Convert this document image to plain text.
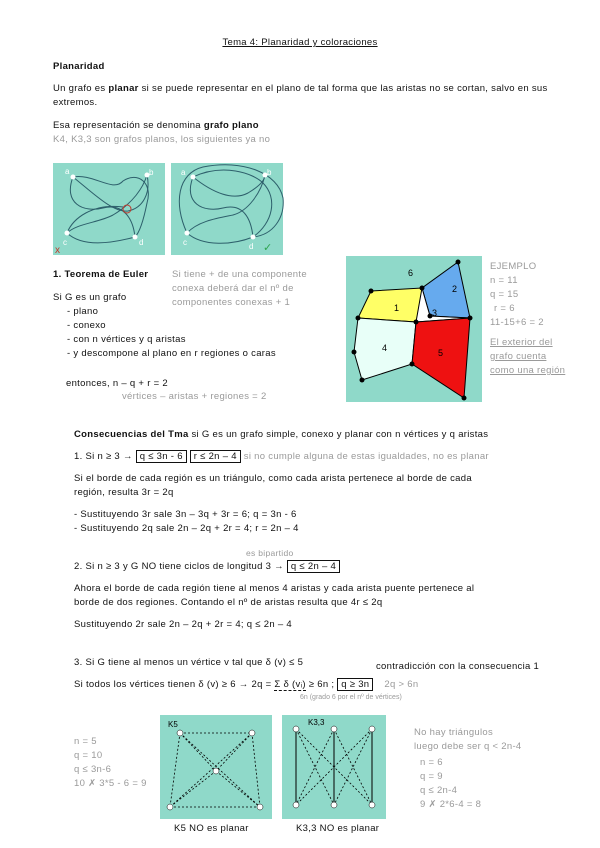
Tema 4: Planaridad y coloraciones
Planaridad
Un grafo es planar si se puede representar en el plano de tal forma que las aristas no se cortan, salvo en sus extremos.
Esa representación se denomina grafo plano
K4, K3,3 son grafos planos, los siguientes ya no
a	b
c	d
x
a	b
c	d ✓
1. Teorema de Euler Si tiene + de una componente
conexa deberá dar el nº de
componentes conexas + 1
Si G es un grafo
- plano
- conexo
- con n vértices y q aristas
- y descompone al plano en r regiones o caras
entonces, n – q + r = 2
vértices – aristas + regiones = 2
1
2
3
4	5
6
EJEMPLO
n = 11
q = 15
r = 6
11-15+6 = 2
El exterior del
grafo cuenta
como una región
Consecuencias del Tma si G es un grafo simple, conexo y planar con n vértices y q aristas
1. Si n ≥ 3 → q ≤ 3n - 6 r ≤ 2n – 4 si no cumple alguna de estas igualdades, no es planar
Si el borde de cada región es un triángulo, como cada arista pertenece al borde de cada
región, resulta 3r = 2q
- Sustituyendo 3r sale 3n – 3q + 3r = 6; q = 3n - 6
- Sustituyendo 2q sale 2n – 2q + 2r = 4; r = 2n – 4
es bipartido
2. Si n ≥ 3 y G NO tiene ciclos de longitud 3 → q ≤ 2n – 4
Ahora el borde de cada región tiene al menos 4 aristas y cada arista puente pertenece al
borde de dos regiones. Contando el nº de aristas resulta que 4r ≤ 2q
Sustituyendo 2r sale 2n – 2q + 2r = 4; q ≤ 2n – 4
3. Si G tiene al menos un vértice v tal que δ (v) ≤ 5	contradicción con la consecuencia 1
Si todos los vértices tienen δ (v) ≥ 6 → 2q = Σ δ (vᵢ) ≥ 6n ; q ≥ 3n 2q > 6n
6n (grado 6 por el nº de vértices)
n = 5
q = 10
q ≤ 3n-6
10 ✗ 3*5 - 6 = 9
K5
K5 NO es planar
K3,3
K3,3 NO es planar
No hay triángulos
luego debe ser q < 2n-4
n = 6
q = 9
q ≤ 2n-4
9 ✗ 2*6-4 = 8
